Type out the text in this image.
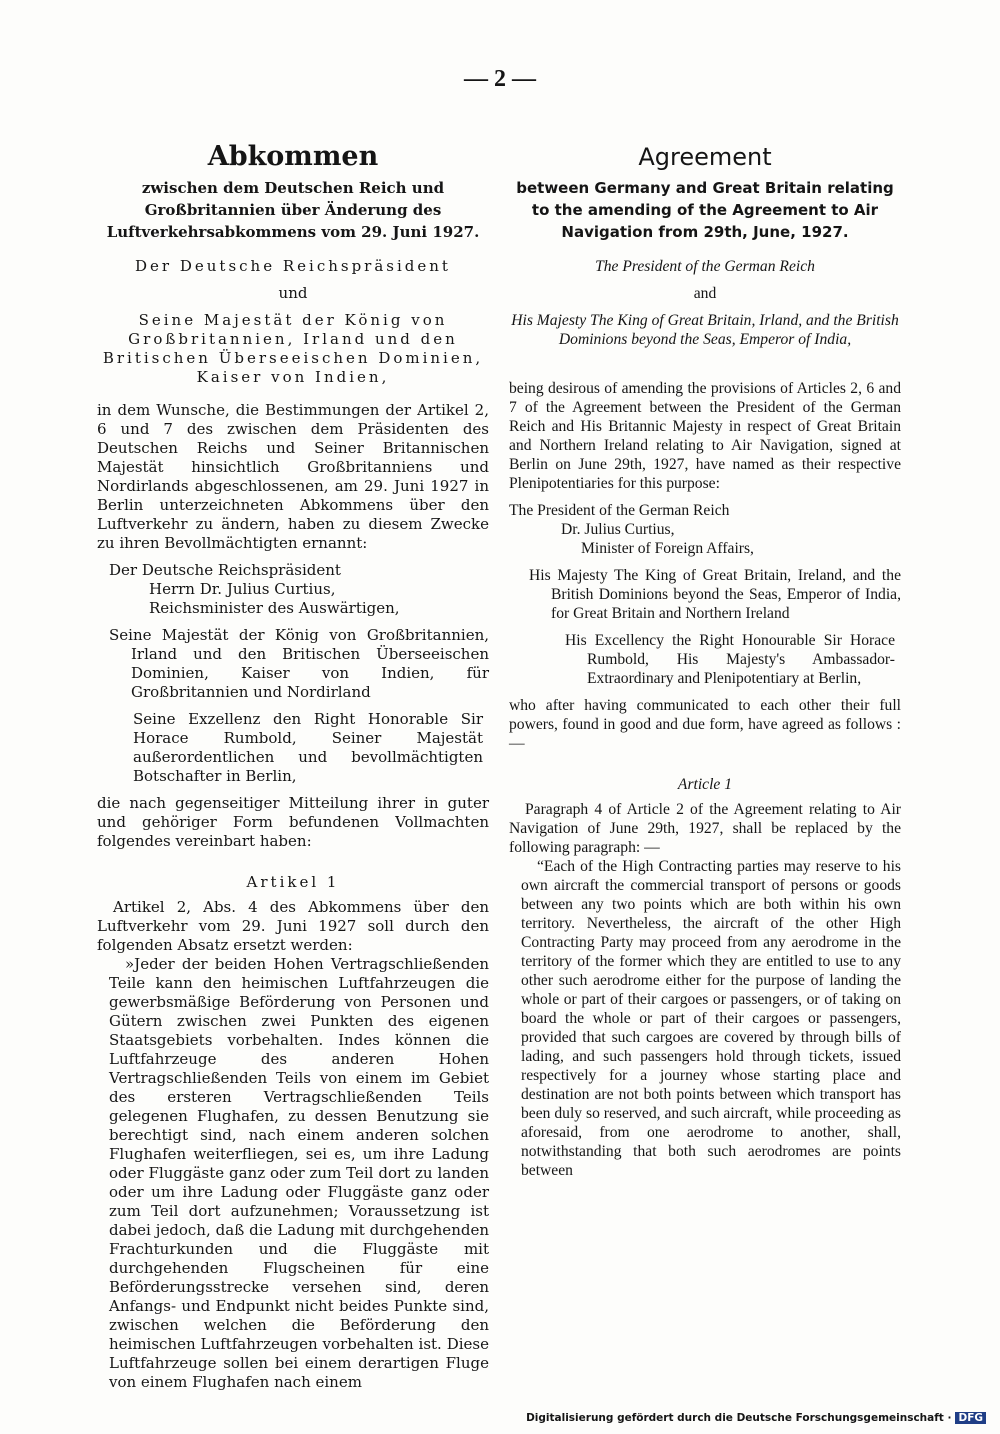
— 2 —
Abkommen
zwischen dem Deutschen Reich und Großbritannien über Änderung des Luftverkehrsabkommens vom 29. Juni 1927.

Der Deutsche Reichspräsident

und

Seine Majestät der König von Großbritannien, Irland und den Britischen Überseeischen Dominien, Kaiser von Indien,

in dem Wunsche, die Bestimmungen der Artikel 2, 6 und 7 des zwischen dem Präsidenten des Deutschen Reichs und Seiner Britannischen Majestät hinsichtlich Großbritanniens und Nordirlands abgeschlossenen, am 29. Juni 1927 in Berlin unterzeichneten Abkommens über den Luftverkehr zu ändern, haben zu diesem Zwecke zu ihren Bevollmächtigten ernannt:

Der Deutsche Reichspräsident

Herrn Dr. Julius Curtius,

Reichsminister des Auswärtigen,

Seine Majestät der König von Großbritannien, Irland und den Britischen Überseeischen Dominien, Kaiser von Indien, für Großbritannien und Nordirland

Seine Exzellenz den Right Honorable Sir Horace Rumbold, Seiner Majestät außerordentlichen und bevollmächtigten Botschafter in Berlin,

die nach gegenseitiger Mitteilung ihrer in guter und gehöriger Form befundenen Vollmachten folgendes vereinbart haben:

Artikel 1

Artikel 2, Abs. 4 des Abkommens über den Luftverkehr vom 29. Juni 1927 soll durch den folgenden Absatz ersetzt werden:

»Jeder der beiden Hohen Vertragschließenden Teile kann den heimischen Luftfahrzeugen die gewerbsmäßige Beförderung von Personen und Gütern zwischen zwei Punkten des eigenen Staatsgebiets vorbehalten. Indes können die Luftfahrzeuge des anderen Hohen Vertragschließenden Teils von einem im Gebiet des ersteren Vertragschließenden Teils gelegenen Flughafen, zu dessen Benutzung sie berechtigt sind, nach einem anderen solchen Flughafen weiterfliegen, sei es, um ihre Ladung oder Fluggäste ganz oder zum Teil dort zu landen oder um ihre Ladung oder Fluggäste ganz oder zum Teil dort aufzunehmen; Voraussetzung ist dabei jedoch, daß die Ladung mit durchgehenden Frachturkunden und die Fluggäste mit durchgehenden Flugscheinen für eine Beförderungsstrecke versehen sind, deren Anfangs- und Endpunkt nicht beides Punkte sind, zwischen welchen die Beförderung den heimischen Luftfahrzeugen vorbehalten ist. Diese Luftfahrzeuge sollen bei einem derartigen Fluge von einem Flughafen nach einem

Agreement
between Germany and Great Britain relating to the amending of the Agreement to Air Navigation from 29th, June, 1927.

The President of the German Reich

and

His Majesty The King of Great Britain, Irland, and the British Dominions beyond the Seas, Emperor of India,

being desirous of amending the provisions of Articles 2, 6 and 7 of the Agreement between the President of the German Reich and His Britannic Majesty in respect of Great Britain and Northern Ireland relating to Air Navigation, signed at Berlin on June 29th, 1927, have named as their respective Plenipotentiaries for this purpose:

The President of the German Reich

Dr. Julius Curtius,

Minister of Foreign Affairs,

His Majesty The King of Great Britain, Ireland, and the British Dominions beyond the Seas, Emperor of India, for Great Britain and Northern Ireland

His Excellency the Right Honourable Sir Horace Rumbold, His Majesty's Ambassador-Extraordinary and Plenipotentiary at Berlin,

who after having communicated to each other their full powers, found in good and due form, have agreed as follows : —

Article 1

Paragraph 4 of Article 2 of the Agreement relating to Air Navigation of June 29th, 1927, shall be replaced by the following paragraph: —

“Each of the High Contracting parties may reserve to his own aircraft the commercial transport of persons or goods between any two points which are both within his own territory. Nevertheless, the aircraft of the other High Contracting Party may proceed from any aerodrome in the territory of the former which they are entitled to use to any other such aerodrome either for the purpose of landing the whole or part of their cargoes or passengers, or of taking on board the whole or part of their cargoes or passengers, provided that such cargoes are covered by through bills of lading, and such passengers hold through tickets, issued respectively for a journey whose starting place and destination are not both points between which transport has been duly so reserved, and such aircraft, while proceeding as aforesaid, from one aerodrome to another, shall, notwithstanding that both such aerodromes are points between

Digitalisierung gefördert durch die Deutsche Forschungsgemeinschaft · DFG
